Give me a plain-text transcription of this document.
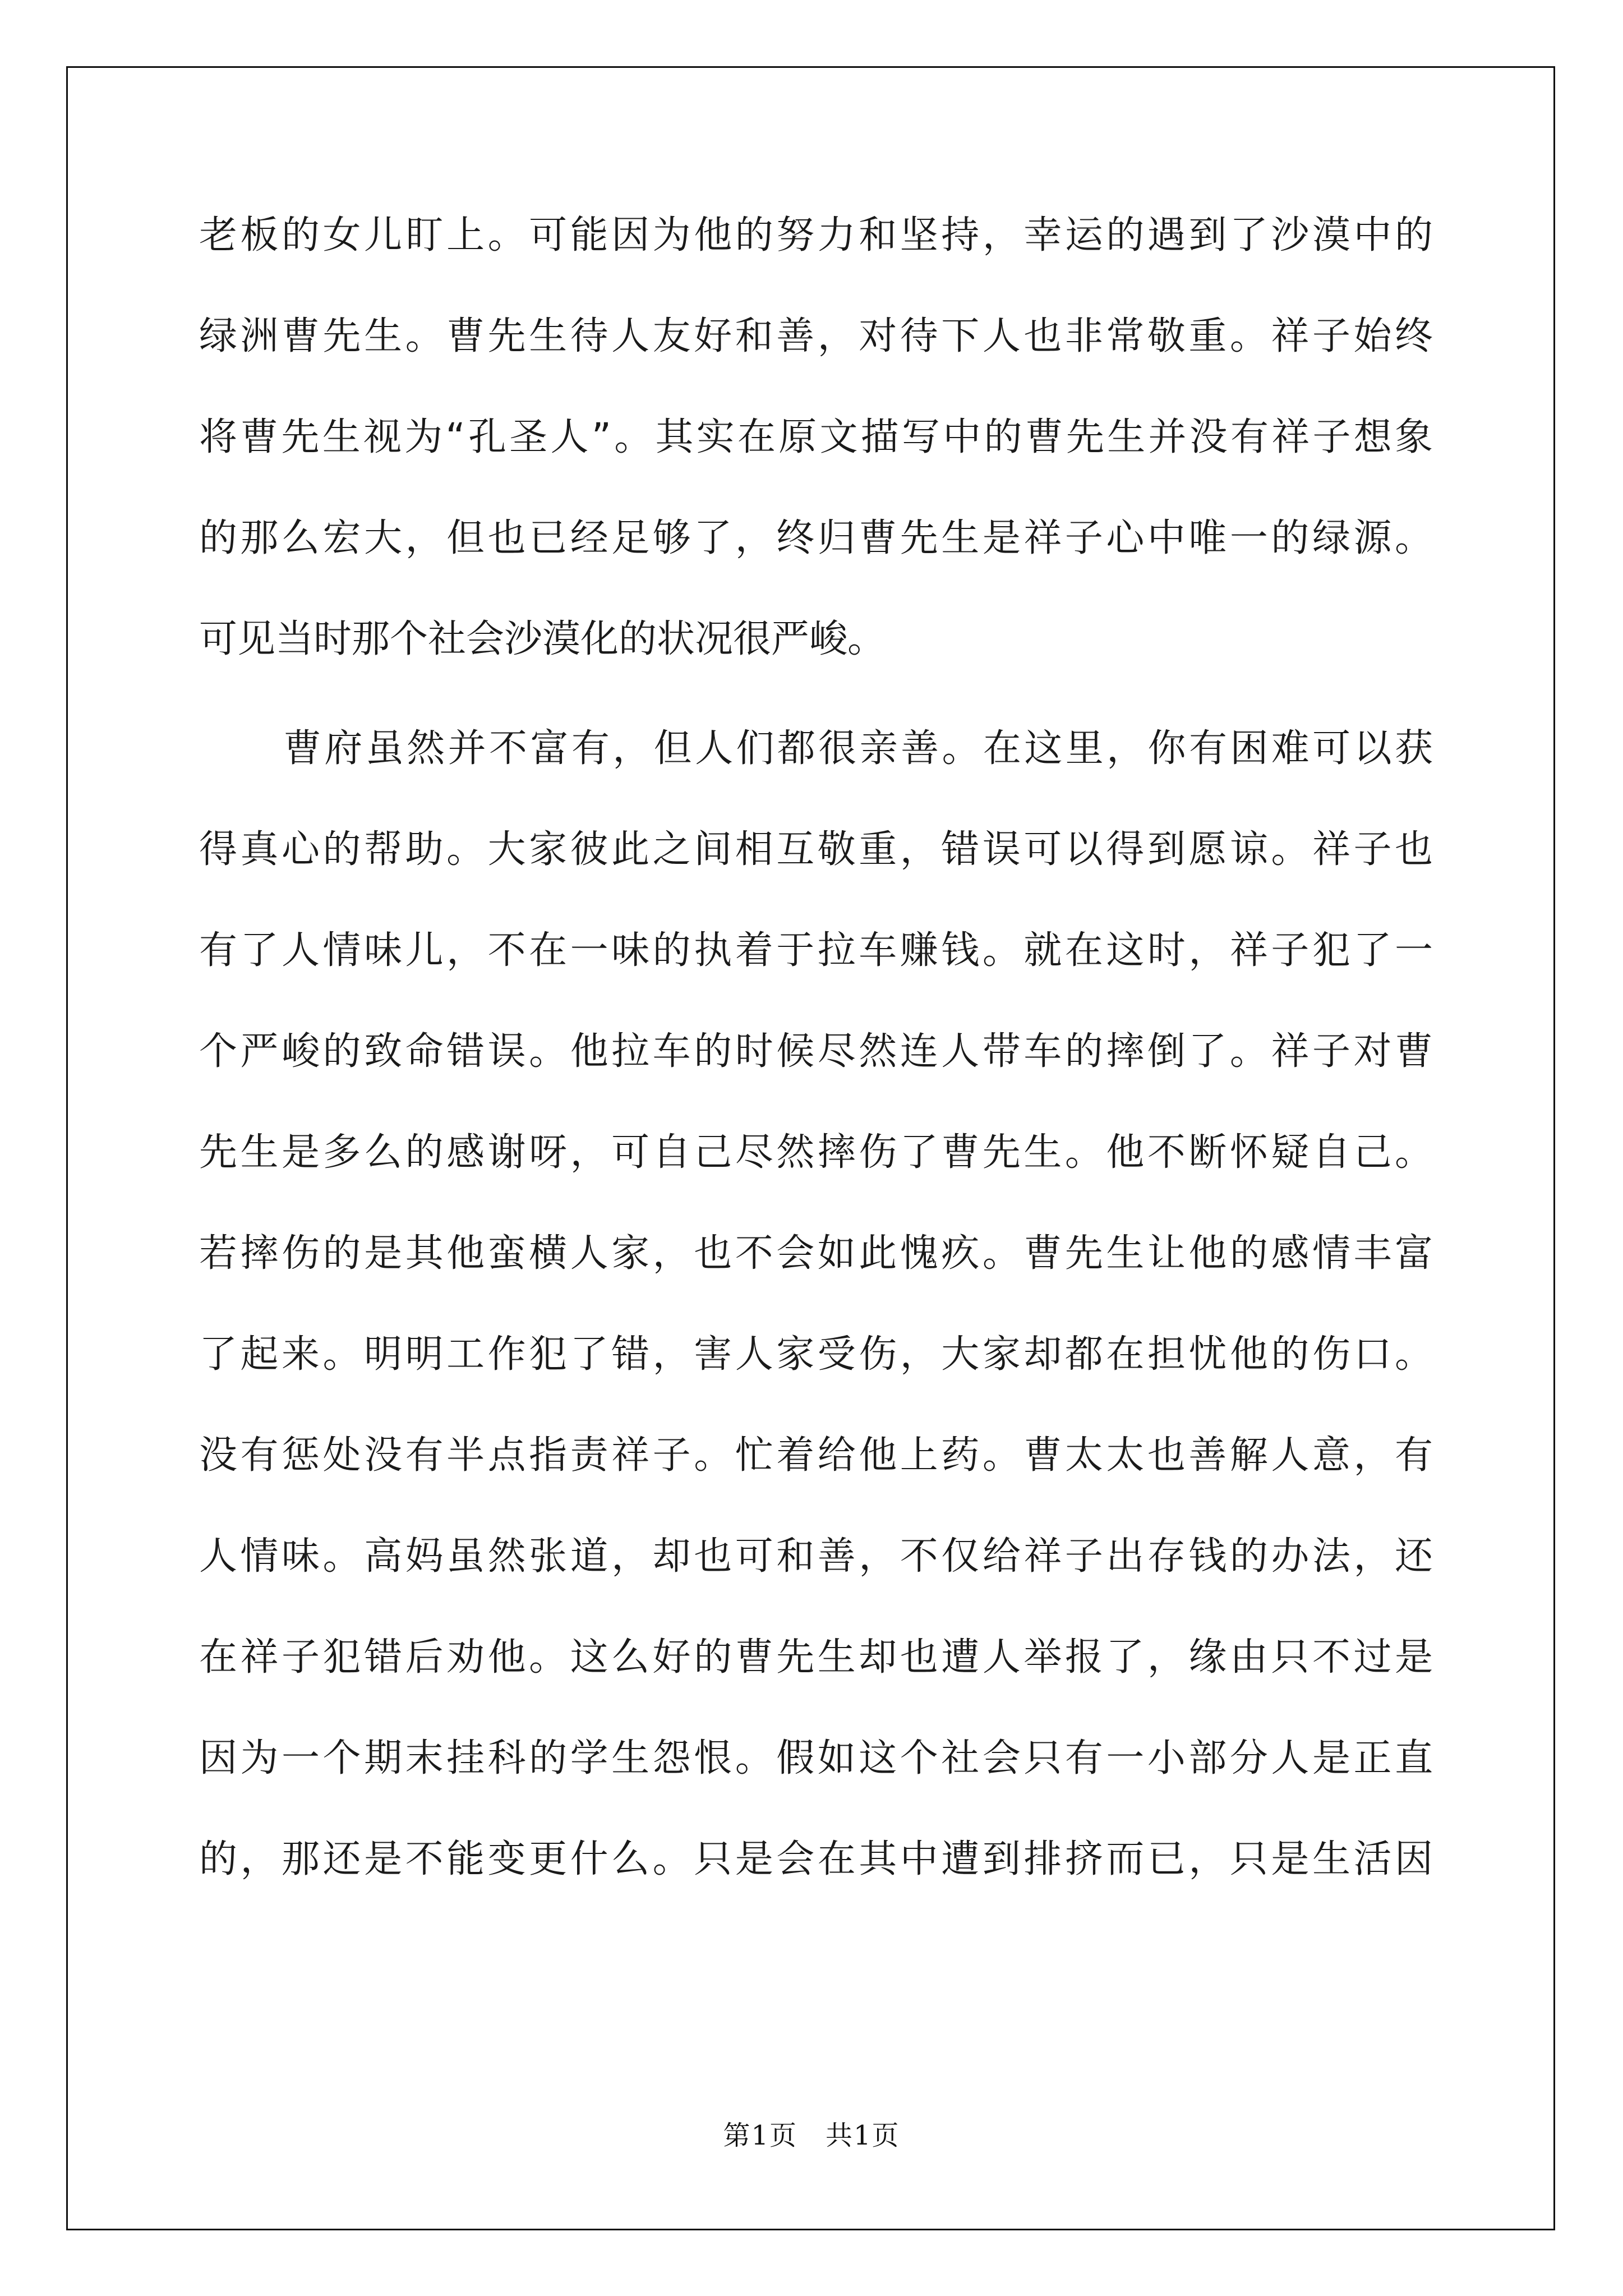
老板的女儿盯上。可能因为他的努力和坚持，幸运的遇到了沙漠中的
绿洲曹先生。曹先生待人友好和善，对待下人也非常敬重。祥子始终
将曹先生视为“孔圣人”。其实在原文描写中的曹先生并没有祥子想象
的那么宏大，但也已经足够了，终归曹先生是祥子心中唯一的绿源。
可见当时那个社会沙漠化的状况很严峻。
曹府虽然并不富有，但人们都很亲善。在这里，你有困难可以获
得真心的帮助。大家彼此之间相互敬重，错误可以得到愿谅。祥子也
有了人情味儿，不在一味的执着于拉车赚钱。就在这时，祥子犯了一
个严峻的致命错误。他拉车的时候尽然连人带车的摔倒了。祥子对曹
先生是多么的感谢呀，可自己尽然摔伤了曹先生。他不断怀疑自己。
若摔伤的是其他蛮横人家，也不会如此愧疚。曹先生让他的感情丰富
了起来。明明工作犯了错，害人家受伤，大家却都在担忧他的伤口。
没有惩处没有半点指责祥子。忙着给他上药。曹太太也善解人意，有
人情味。高妈虽然张道，却也可和善，不仅给祥子出存钱的办法，还
在祥子犯错后劝他。这么好的曹先生却也遭人举报了，缘由只不过是
因为一个期末挂科的学生怨恨。假如这个社会只有一小部分人是正直
的，那还是不能变更什么。只是会在其中遭到排挤而已，只是生活因
第1页　共1页
